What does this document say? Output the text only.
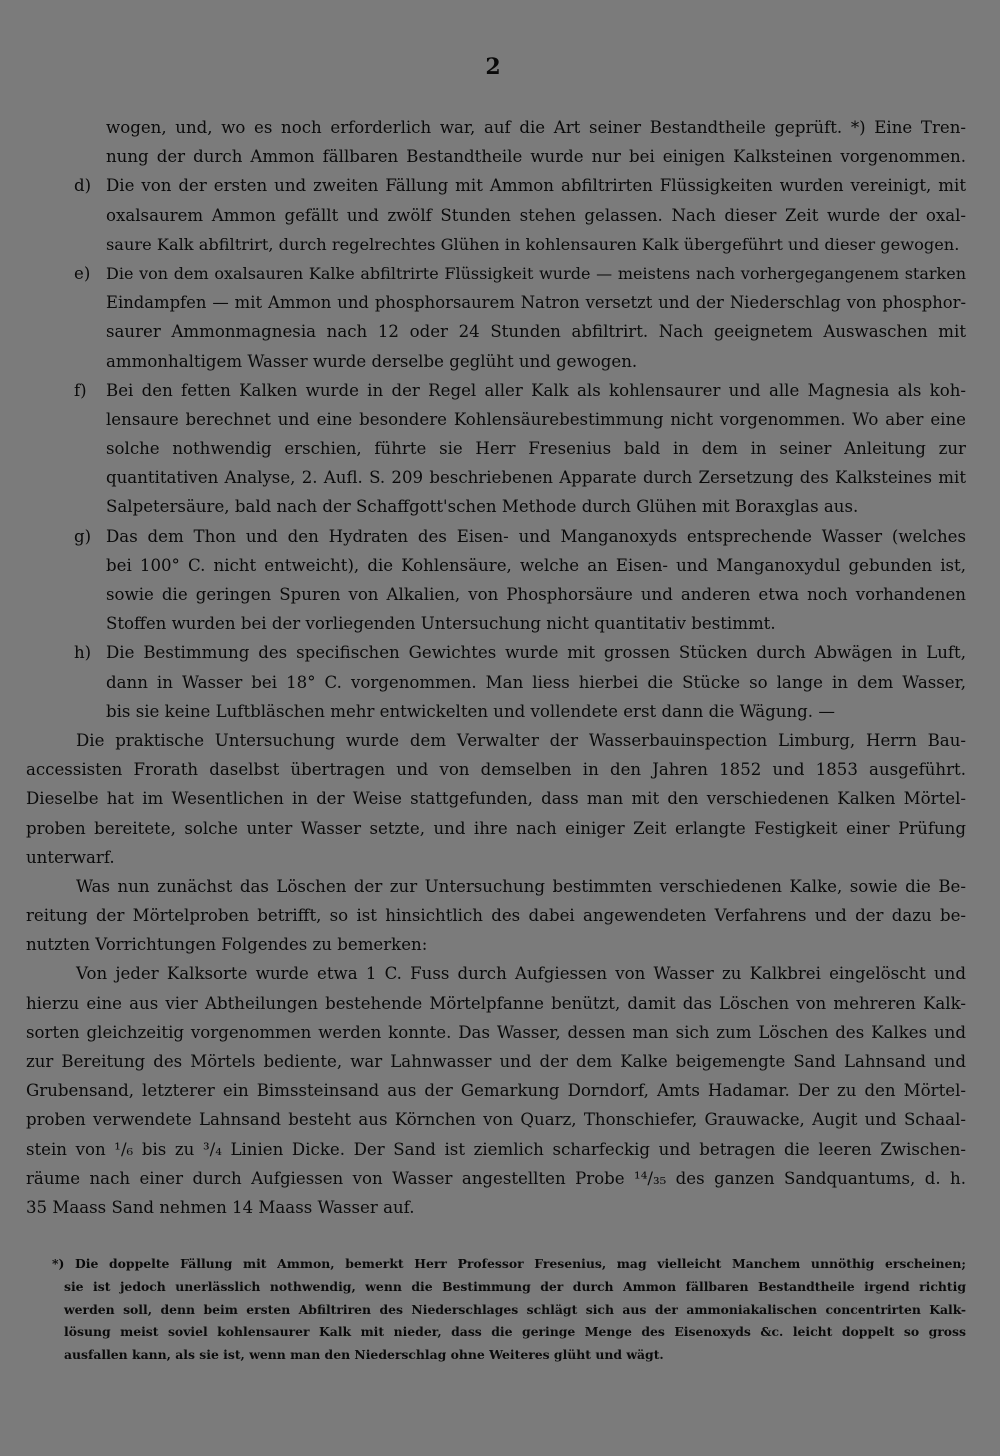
2
wogen, und, wo es noch erforderlich war, auf die Art seiner Bestandtheile geprüft. *) Eine Tren-
nung der durch Ammon fällbaren Bestandtheile wurde nur bei einigen Kalksteinen vorgenommen.
d) Die von der ersten und zweiten Fällung mit Ammon abfiltrirten Flüssigkeiten wurden vereinigt, mit
oxalsaurem Ammon gefällt und zwölf Stunden stehen gelassen. Nach dieser Zeit wurde der oxal-
saure Kalk abfiltrirt, durch regelrechtes Glühen in kohlensauren Kalk übergeführt und dieser gewogen.
e) Die von dem oxalsauren Kalke abfiltrirte Flüssigkeit wurde — meistens nach vorhergegangenem starken
Eindampfen — mit Ammon und phosphorsaurem Natron versetzt und der Niederschlag von phosphor-
saurer Ammonmagnesia nach 12 oder 24 Stunden abfiltrirt. Nach geeignetem Auswaschen mit
ammonhaltigem Wasser wurde derselbe geglüht und gewogen.
f)	Bei den fetten Kalken wurde in der Regel aller Kalk als kohlensaurer und alle Magnesia als koh-
lensaure berechnet und eine besondere Kohlensäurebestimmung nicht vorgenommen. Wo aber eine
solche nothwendig erschien, führte sie Herr Fresenius bald in dem in seiner Anleitung zur
quantitativen Analyse, 2. Aufl. S. 209 beschriebenen Apparate durch Zersetzung des Kalksteines mit
Salpetersäure, bald nach der Schaffgott'schen Methode durch Glühen mit Boraxglas aus.
g) Das dem Thon und den Hydraten des Eisen- und Manganoxyds entsprechende Wasser (welches
bei 100° C. nicht entweicht), die Kohlensäure, welche an Eisen- und Manganoxydul gebunden ist,
sowie die geringen Spuren von Alkalien, von Phosphorsäure und anderen etwa noch vorhandenen
Stoffen wurden bei der vorliegenden Untersuchung nicht quantitativ bestimmt.
h) Die Bestimmung des specifischen Gewichtes wurde mit grossen Stücken durch Abwägen in Luft,
dann in Wasser bei 18° C. vorgenommen. Man liess hierbei die Stücke so lange in dem Wasser,
bis sie keine Luftbläschen mehr entwickelten und vollendete erst dann die Wägung. —
Die praktische Untersuchung wurde dem Verwalter der Wasserbauinspection Limburg, Herrn Bau-
accessisten Frorath daselbst übertragen und von demselben in den Jahren 1852 und 1853 ausgeführt.
Dieselbe hat im Wesentlichen in der Weise stattgefunden, dass man mit den verschiedenen Kalken Mörtel-
proben bereitete, solche unter Wasser setzte, und ihre nach einiger Zeit erlangte Festigkeit einer Prüfung
unterwarf.
Was nun zunächst das Löschen der zur Untersuchung bestimmten verschiedenen Kalke, sowie die Be-
reitung der Mörtelproben betrifft, so ist hinsichtlich des dabei angewendeten Verfahrens und der dazu be-
nutzten Vorrichtungen Folgendes zu bemerken:
Von jeder Kalksorte wurde etwa 1 C. Fuss durch Aufgiessen von Wasser zu Kalkbrei eingelöscht und
hierzu eine aus vier Abtheilungen bestehende Mörtelpfanne benützt, damit das Löschen von mehreren Kalk-
sorten gleichzeitig vorgenommen werden konnte. Das Wasser, dessen man sich zum Löschen des Kalkes und
zur Bereitung des Mörtels bediente, war Lahnwasser und der dem Kalke beigemengte Sand Lahnsand und
Grubensand, letzterer ein Bimssteinsand aus der Gemarkung Dorndorf, Amts Hadamar. Der zu den Mörtel-
proben verwendete Lahnsand besteht aus Körnchen von Quarz, Thonschiefer, Grauwacke, Augit und Schaal-
stein von ¹/₆ bis zu ³/₄ Linien Dicke. Der Sand ist ziemlich scharfeckig und betragen die leeren Zwischen-
räume nach einer durch Aufgiessen von Wasser angestellten Probe ¹⁴/₃₅ des ganzen Sandquantums, d. h.
35 Maass Sand nehmen 14 Maass Wasser auf.
*) Die doppelte Fällung mit Ammon, bemerkt Herr Professor Fresenius, mag vielleicht Manchem unnöthig erscheinen;
sie ist jedoch unerlässlich nothwendig, wenn die Bestimmung der durch Ammon fällbaren Bestandtheile irgend richtig
werden soll, denn beim ersten Abfiltriren des Niederschlages schlägt sich aus der ammoniakalischen concentrirten Kalk-
lösung meist soviel kohlensaurer Kalk mit nieder, dass die geringe Menge des Eisenoxyds &c. leicht doppelt so gross
ausfallen kann, als sie ist, wenn man den Niederschlag ohne Weiteres glüht und wägt.
